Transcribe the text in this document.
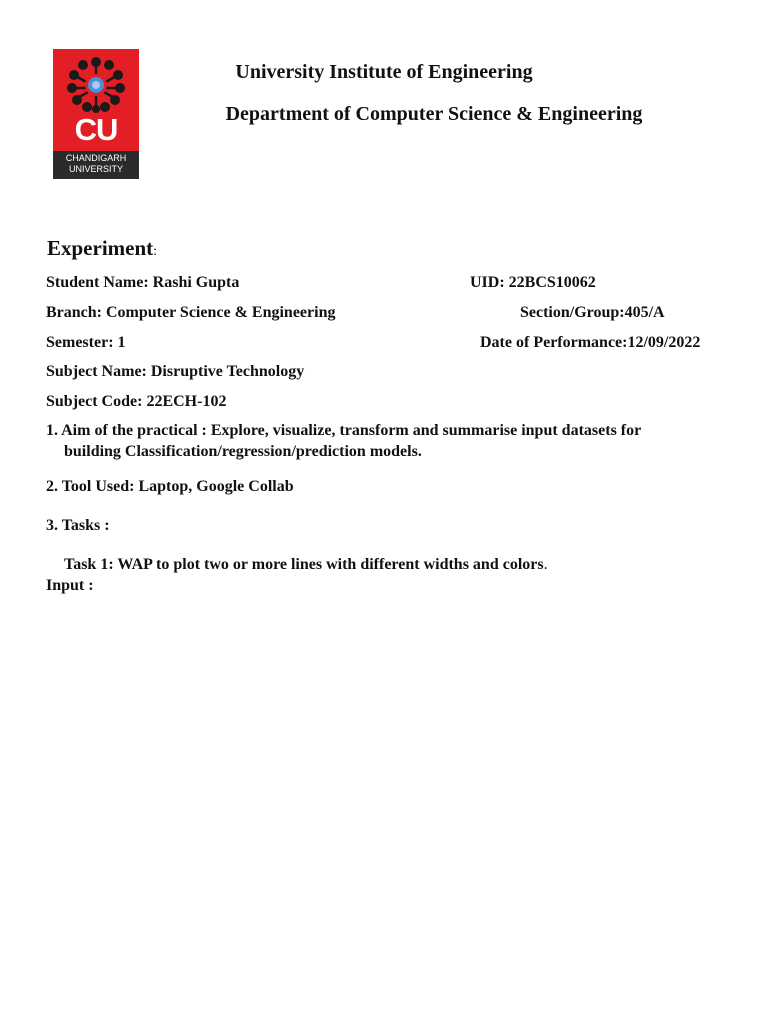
CU
CHANDIGARH
UNIVERSITY
University Institute of Engineering
Department of Computer Science & Engineering
Experiment:
Student Name: Rashi Gupta	UID: 22BCS10062
Branch: Computer Science & Engineering	Section/Group:405/A
Semester: 1	Date of Performance:12/09/2022
Subject Name: Disruptive Technology
Subject Code: 22ECH-102
1. Aim of the practical : Explore, visualize, transform and summarise input datasets for
building Classification/regression/prediction models.
2. Tool Used: Laptop, Google Collab
3. Tasks :
Task 1: WAP to plot two or more lines with different widths and colors.
Input :
